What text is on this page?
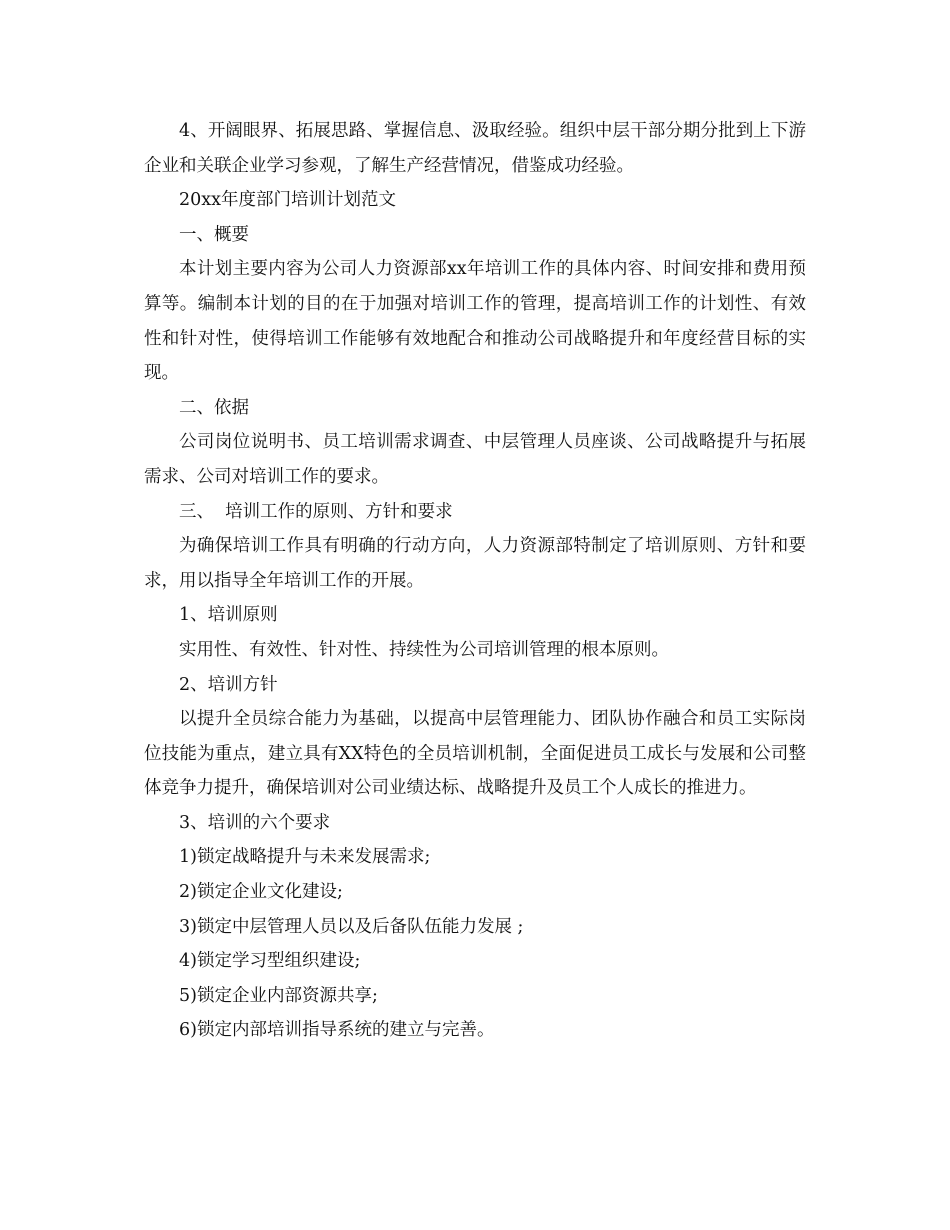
4、开阔眼界、拓展思路、掌握信息、汲取经验。组织中层干部分期分批到上下游企业和关联企业学习参观，了解生产经营情况，借鉴成功经验。

20xx年度部门培训计划范文

一、概要

本计划主要内容为公司人力资源部xx年培训工作的具体内容、时间安排和费用预算等。编制本计划的目的在于加强对培训工作的管理，提高培训工作的计划性、有效性和针对性，使得培训工作能够有效地配合和推动公司战略提升和年度经营目标的实现。

二、依据

公司岗位说明书、员工培训需求调查、中层管理人员座谈、公司战略提升与拓展需求、公司对培训工作的要求。

三、  培训工作的原则、方针和要求

为确保培训工作具有明确的行动方向，人力资源部特制定了培训原则、方针和要求，用以指导全年培训工作的开展。

1、培训原则

实用性、有效性、针对性、持续性为公司培训管理的根本原则。

2、培训方针

以提升全员综合能力为基础，以提高中层管理能力、团队协作融合和员工实际岗位技能为重点，建立具有XX特色的全员培训机制，全面促进员工成长与发展和公司整体竞争力提升，确保培训对公司业绩达标、战略提升及员工个人成长的推进力。

3、培训的六个要求

1)锁定战略提升与未来发展需求;

2)锁定企业文化建设;

3)锁定中层管理人员以及后备队伍能力发展 ;

4)锁定学习型组织建设;

5)锁定企业内部资源共享;

6)锁定内部培训指导系统的建立与完善。
